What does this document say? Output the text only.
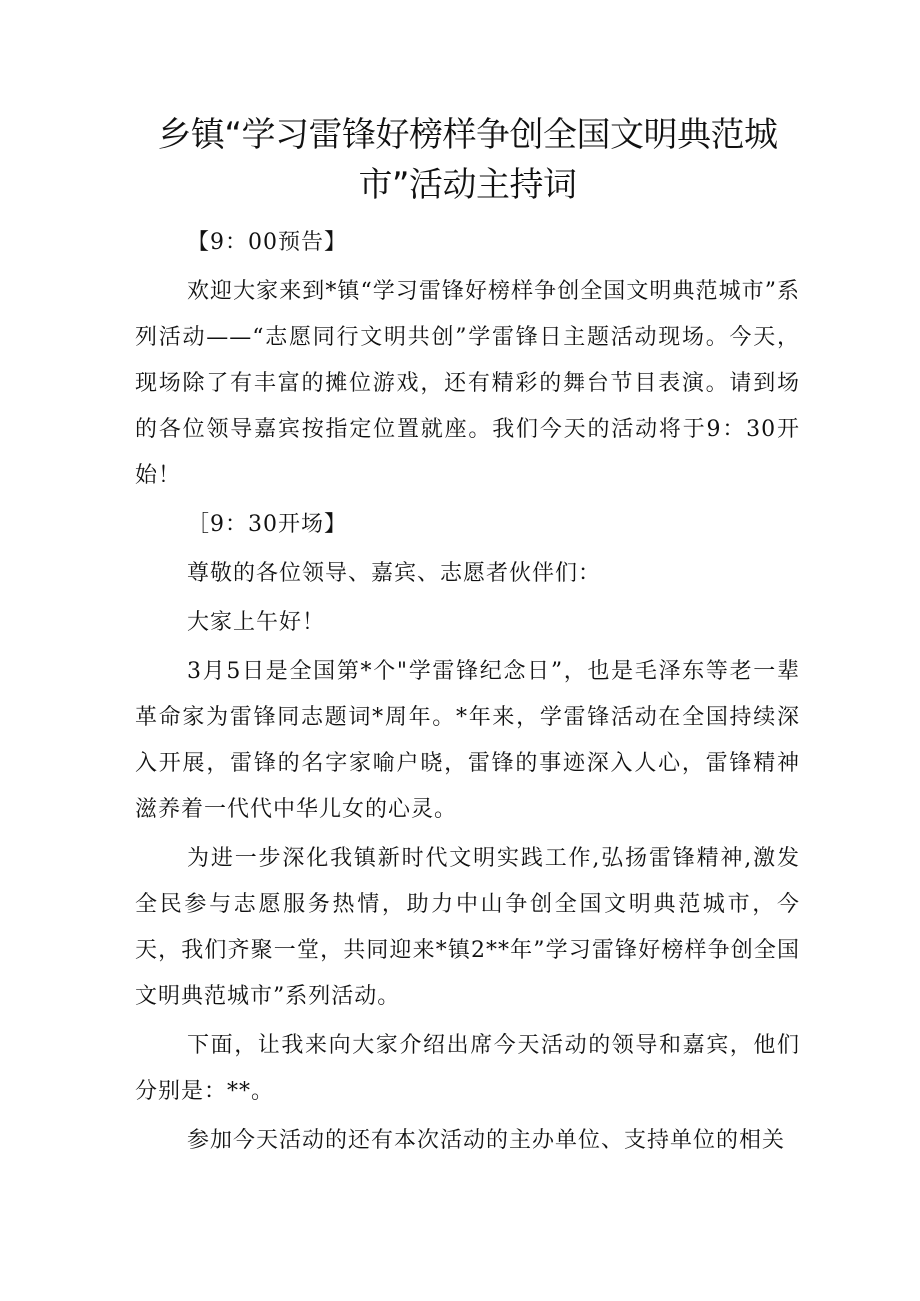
乡镇“学习雷锋好榜样争创全国文明典范城
市”活动主持词

【9：00预告】

欢迎大家来到*镇“学习雷锋好榜样争创全国文明典范城市”系列活动——“志愿同行文明共创”学雷锋日主题活动现场。今天，现场除了有丰富的摊位游戏，还有精彩的舞台节目表演。请到场的各位领导嘉宾按指定位置就座。我们今天的活动将于9：30开始！

［9：30开场】

尊敬的各位领导、嘉宾、志愿者伙伴们：

大家上午好！

3月5日是全国第*个"学雷锋纪念日”，也是毛泽东等老一辈革命家为雷锋同志题词*周年。*年来，学雷锋活动在全国持续深入开展，雷锋的名字家喻户晓，雷锋的事迹深入人心，雷锋精神滋养着一代代中华儿女的心灵。

为进一步深化我镇新时代文明实践工作,弘扬雷锋精神,激发全民参与志愿服务热情，助力中山争创全国文明典范城市，今天，我们齐聚一堂，共同迎来*镇2**年”学习雷锋好榜样争创全国文明典范城市”系列活动。

下面，让我来向大家介绍出席今天活动的领导和嘉宾，他们分别是：**。

参加今天活动的还有本次活动的主办单位、支持单位的相关
